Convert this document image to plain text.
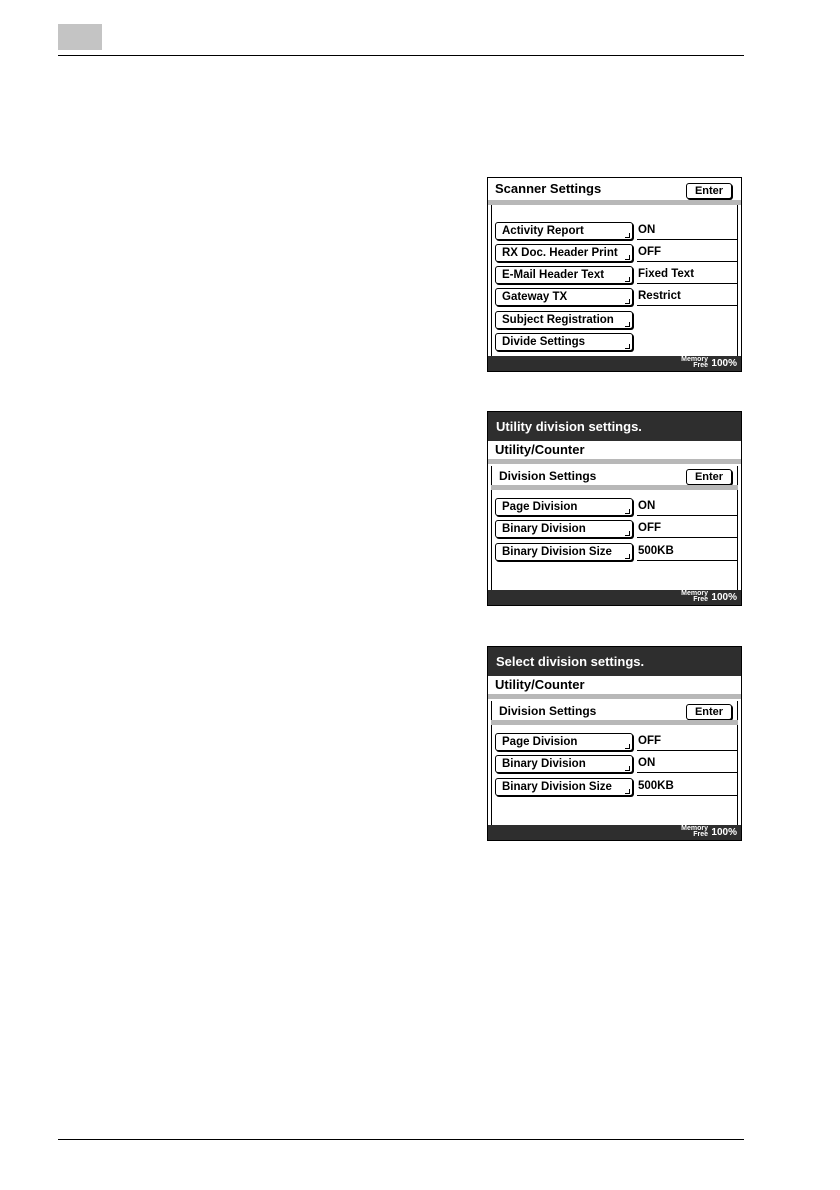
Scanner Settings	Enter
Activity Report	ON
RX Doc. Header Print	OFF
E-Mail Header Text	Fixed Text
Gateway TX	Restrict
Subject Registration
Divide Settings
Memory
Free 100%
Utility division settings.
Utility/Counter
Division Settings	Enter
Page Division	ON
Binary Division	OFF
Binary Division Size	500KB
Memory
Free 100%
Select division settings.
Utility/Counter
Division Settings	Enter
Page Division	OFF
Binary Division	ON
Binary Division Size	500KB
Memory
Free 100%
